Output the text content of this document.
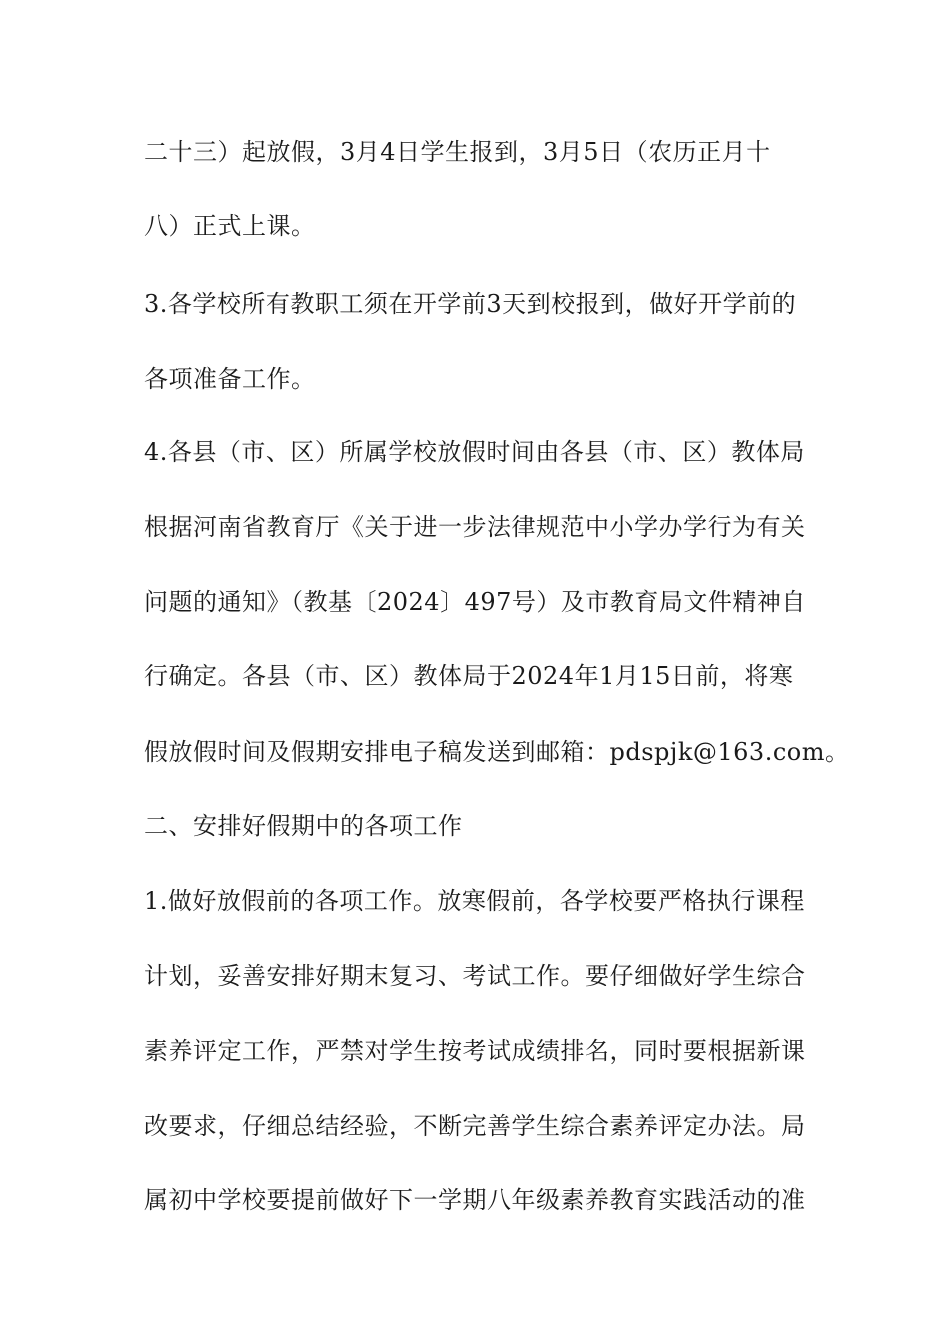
二十三）起放假，3月4日学生报到，3月5日（农历正月十
八）正式上课。
3.各学校所有教职工须在开学前3天到校报到，做好开学前的
各项准备工作。
4.各县（市、区）所属学校放假时间由各县（市、区）教体局
根据河南省教育厅《关于进一步法律规范中小学办学行为有关
问题的通知》（教基〔2024〕497号）及市教育局文件精神自
行确定。各县（市、区）教体局于2024年1月15日前，将寒
假放假时间及假期安排电子稿发送到邮箱：pdspjk@163.com。
二、安排好假期中的各项工作
1.做好放假前的各项工作。放寒假前，各学校要严格执行课程
计划，妥善安排好期末复习、考试工作。要仔细做好学生综合
素养评定工作，严禁对学生按考试成绩排名，同时要根据新课
改要求，仔细总结经验，不断完善学生综合素养评定办法。局
属初中学校要提前做好下一学期八年级素养教育实践活动的准
